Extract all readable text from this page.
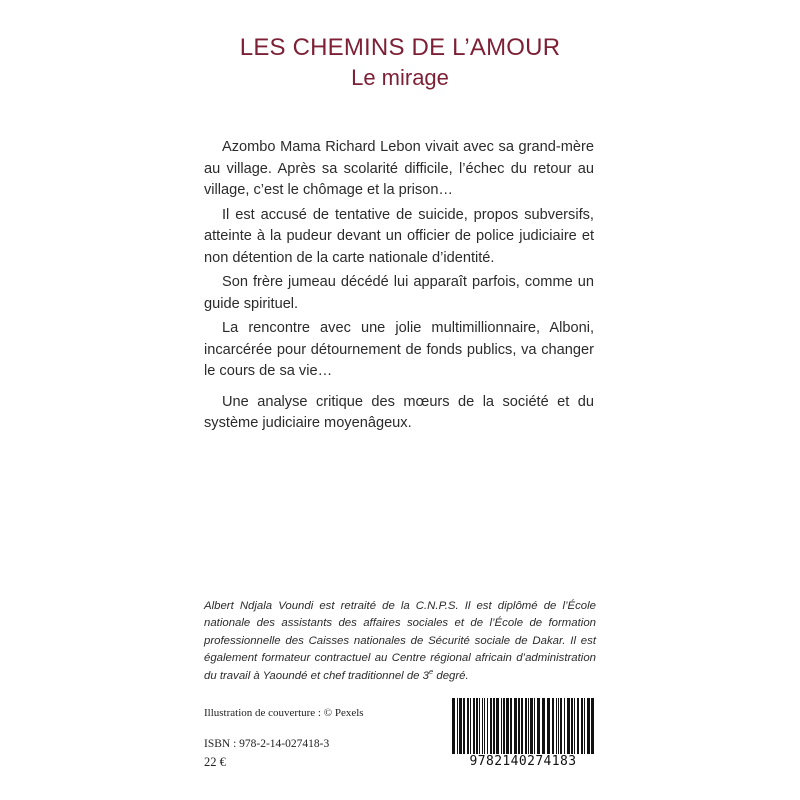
LES CHEMINS DE L’AMOUR
Le mirage

Azombo Mama Richard Lebon vivait avec sa grand-mère au village. Après sa scolarité difficile, l’échec du retour au village, c’est le chômage et la prison…

Il est accusé de tentative de suicide, propos subversifs, atteinte à la pudeur devant un officier de police judiciaire et non détention de la carte nationale d’identité.

Son frère jumeau décédé lui apparaît parfois, comme un guide spirituel.

La rencontre avec une jolie multimillionnaire, Alboni, incarcérée pour détournement de fonds publics, va changer le cours de sa vie…

Une analyse critique des mœurs de la société et du système judiciaire moyenâgeux.

Albert Ndjala Voundi est retraité de la C.N.P.S. Il est diplômé de l’École nationale des assistants des affaires sociales et de l’École de formation professionnelle des Caisses nationales de Sécurité sociale de Dakar. Il est également formateur contractuel au Centre régional africain d’administration du travail à Yaoundé et chef traditionnel de 3e degré.
Illustration de couverture : © Pexels
ISBN : 978-2-14-027418-3
22 €	9782140274183
